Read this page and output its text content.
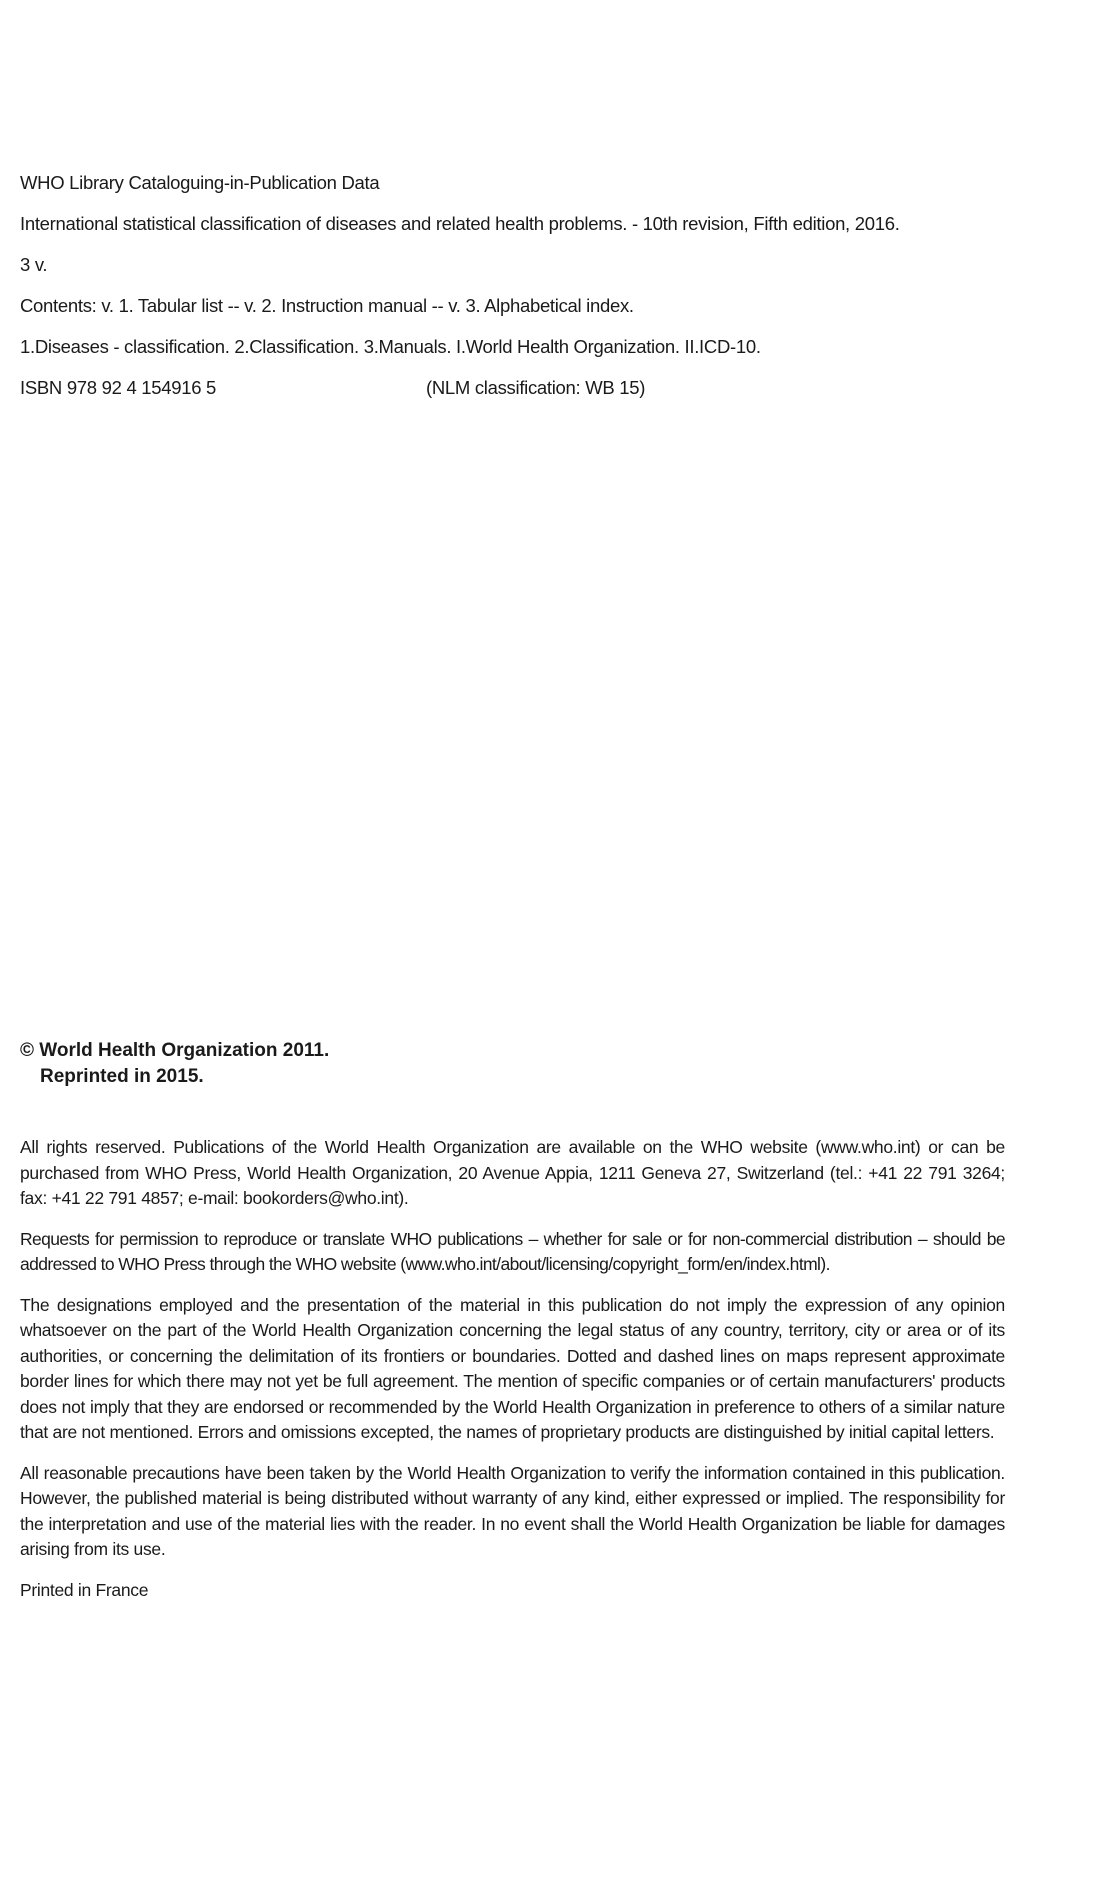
WHO Library Cataloguing-in-Publication Data
International statistical classification of diseases and related health problems. - 10th revision, Fifth edition, 2016.
3 v.
Contents: v. 1. Tabular list -- v. 2. Instruction manual -- v. 3. Alphabetical index.
1.Diseases - classification. 2.Classification. 3.Manuals. I.World Health Organization. II.ICD-10.
ISBN 978 92 4 154916 5	(NLM classification: WB 15)
© World Health Organization 2011.
Reprinted in 2015.

All rights reserved. Publications of the World Health Organization are available on the WHO website (www.who.int) or can be purchased from WHO Press, World Health Organization, 20 Avenue Appia, 1211 Geneva 27, Switzerland (tel.: +41 22 791 3264; fax: +41 22 791 4857; e-mail: bookorders@who.int).

Requests for permission to reproduce or translate WHO publications – whether for sale or for non-commercial distribution – should be addressed to WHO Press through the WHO website (www.who.int/about/licensing/copyright_form/en/index.html).

The designations employed and the presentation of the material in this publication do not imply the expression of any opinion whatsoever on the part of the World Health Organization concerning the legal status of any country, territory, city or area or of its authorities, or concerning the delimitation of its frontiers or boundaries. Dotted and dashed lines on maps represent approximate border lines for which there may not yet be full agreement. The mention of specific companies or of certain manufacturers' products does not imply that they are endorsed or recommended by the World Health Organization in preference to others of a similar nature that are not mentioned. Errors and omissions excepted, the names of proprietary products are distinguished by initial capital letters.

All reasonable precautions have been taken by the World Health Organization to verify the information contained in this publication. However, the published material is being distributed without warranty of any kind, either expressed or implied. The responsibility for the interpretation and use of the material lies with the reader. In no event shall the World Health Organization be liable for damages arising from its use.

Printed in France
